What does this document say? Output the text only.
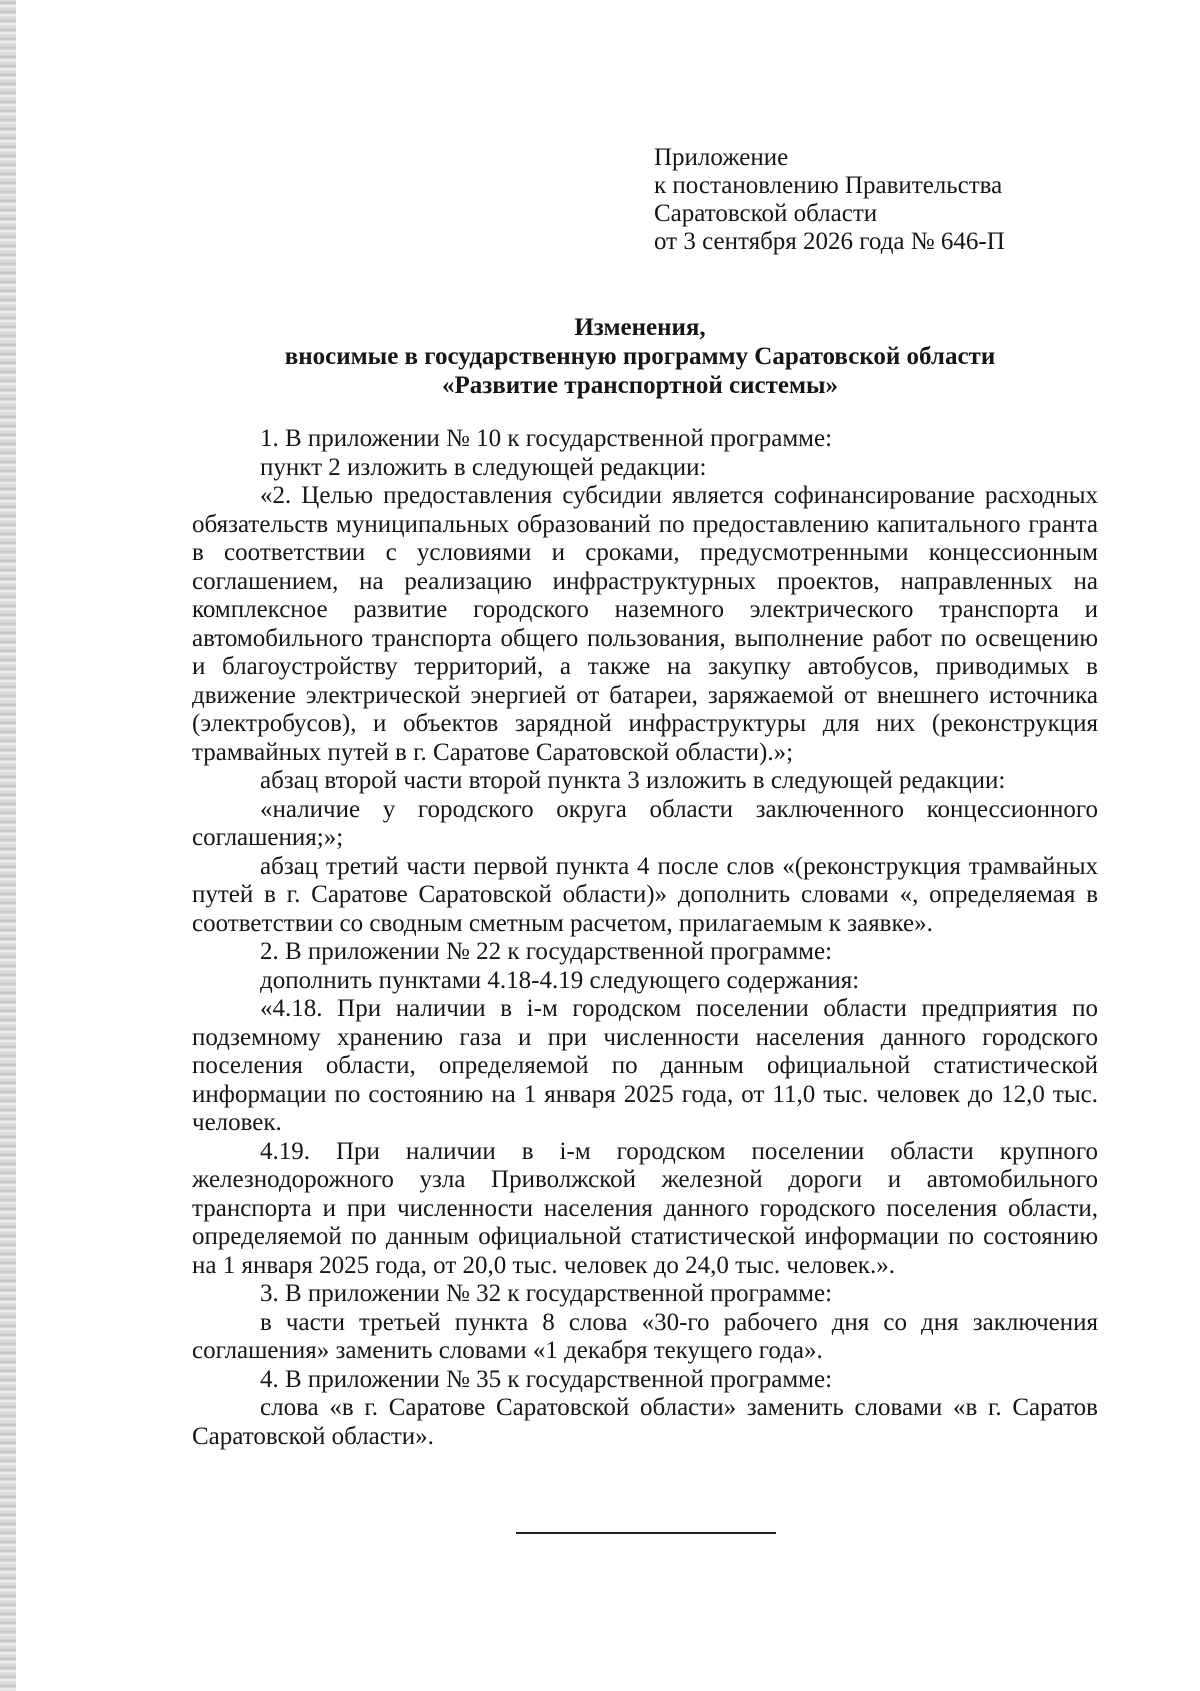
Приложение
к постановлению Правительства
Саратовской области
от 3 сентября 2026 года № 646-П
Изменения,
вносимые в государственную программу Саратовской области
«Развитие транспортной системы»

1. В приложении № 10 к государственной программе:

пункт 2 изложить в следующей редакции:

«2. Целью предоставления субсидии является софинансирование расходных обязательств муниципальных образований по предоставлению капитального гранта в соответствии с условиями и сроками, предусмотренными концессионным соглашением, на реализацию инфраструктурных проектов, направленных на комплексное развитие городского наземного электрического транспорта и автомобильного транспорта общего пользования, выполнение работ по освещению и благоустройству территорий, а также на закупку автобусов, приводимых в движение электрической энергией от батареи, заряжаемой от внешнего источника (электробусов), и объектов зарядной инфраструктуры для них (реконструкция трамвайных путей в г. Саратове Саратовской области).»;

абзац второй части второй пункта 3 изложить в следующей редакции:

«наличие у городского округа области заключенного концессионного соглашения;»;

абзац третий части первой пункта 4 после слов «(реконструкция трамвайных путей в г. Саратове Саратовской области)» дополнить словами «, определяемая в соответствии со сводным сметным расчетом, прилагаемым к заявке».

2. В приложении № 22 к государственной программе:

дополнить пунктами 4.18-4.19 следующего содержания:

«4.18. При наличии в i-м городском поселении области предприятия по подземному хранению газа и при численности населения данного городского поселения области, определяемой по данным официальной статистической информации по состоянию на 1 января 2025 года, от 11,0 тыс. человек до 12,0 тыс. человек.

4.19. При наличии в i-м городском поселении области крупного железнодорожного узла Приволжской железной дороги и автомобильного транспорта и при численности населения данного городского поселения области, определяемой по данным официальной статистической информации по состоянию на 1 января 2025 года, от 20,0 тыс. человек до 24,0 тыс. человек.».

3. В приложении № 32 к государственной программе:

в части третьей пункта 8 слова «30-го рабочего дня со дня заключения соглашения» заменить словами «1 декабря текущего года».

4. В приложении № 35 к государственной программе:

слова «в г. Саратове Саратовской области» заменить словами «в г. Саратов Саратовской области».
